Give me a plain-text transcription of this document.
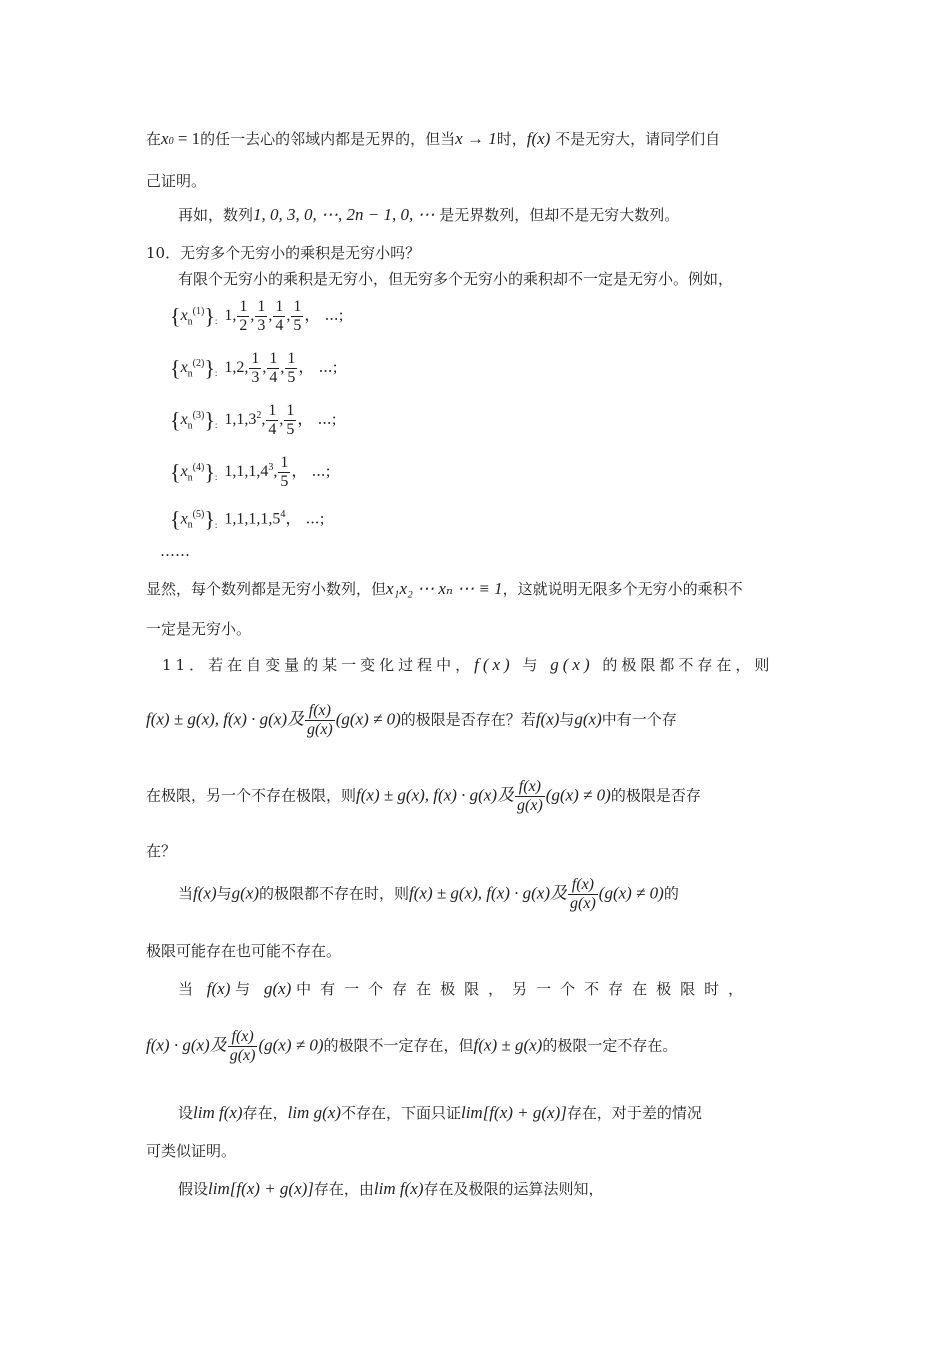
在x0 = 1的任一去心的邻域内都是无界的，但当x → 1时，f(x) 不是无穷大，请同学们自
己证明。
再如，数列1, 0, 3, 0, ⋯, 2n − 1, 0, ⋯ 是无界数列，但却不是无穷大数列。
10．无穷多个无穷小的乘积是无穷小吗？
有限个无穷小的乘积是无穷小，但无穷多个无穷小的乘积却不一定是无穷小。例如，
$\{x_n^{(1)}\}_:$ 1, $\frac{1}{2}$ , $\frac{1}{3}$ , $\frac{1}{4}$ , $\frac{1}{5}$ ， ⋯;
$\{x_n^{(2)}\}_:$ 1,2, $\frac{1}{3}$ , $\frac{1}{4}$ , $\frac{1}{5}$ ， ⋯;
$\{x_n^{(3)}\}_:$ 1,1,3$^2$, $\frac{1}{4}$ , $\frac{1}{5}$ ， ⋯;
$\{x_n^{(4)}\}_:$ 1,1,1,4$^3$, $\frac{1}{5}$ ， ⋯;
$\{x_n^{(5)}\}_:$ 1,1,1,1,5$^4$， ⋯;
……
显然，每个数列都是无穷小数列，但x₁x₂ ⋯ xₙ ⋯ ≡ 1，这就说明无限多个无穷小的乘积不
一定是无穷小。
11．若在自变量的某一变化过程中，f(x) 与 g(x) 的极限都不存在，则
f(x) ± g(x), f(x) · g(x)及 $\frac{f(x)}{g(x)} (g(x) \ne 0)$的极限是否存在？若f(x)与g(x)中有一个存
在极限，另一个不存在极限，则f(x) ± g(x), f(x) · g(x)及 $\frac{f(x)}{g(x)} (g(x) \ne 0)$的极限是否存
在？
当f(x)与g(x)的极限都不存在时，则f(x) ± g(x), f(x) · g(x)及 $\frac{f(x)}{g(x)} (g(x) \ne 0)$的
极限可能存在也可能不存在。
当 f(x) 与 g(x) 中有一个存在极限，另一个不存在极限时，
f(x) · g(x)及 $\frac{f(x)}{g(x)} (g(x) \ne 0)$的极限不一定存在，但f(x) ± g(x)的极限一定不存在。
设lim f(x)存在，lim g(x)不存在，下面只证lim[f(x) + g(x)]存在，对于差的情况
可类似证明。
假设lim[f(x) + g(x)]存在，由lim f(x)存在及极限的运算法则知，
